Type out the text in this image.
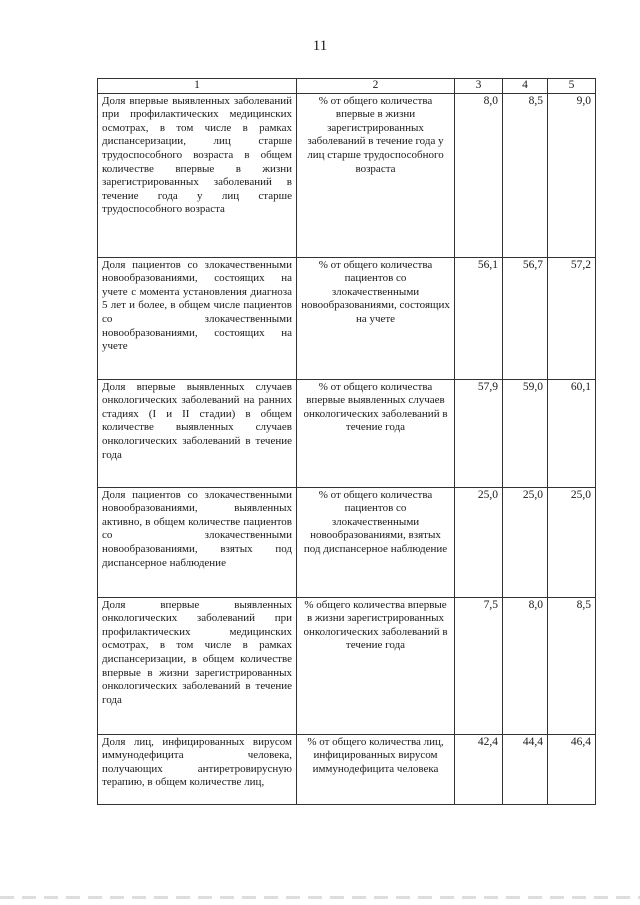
11
1	2	3	4	5
Доля впервые выявленных заболеваний при профилактических медицинских осмотрах, в том числе в рамках диспансеризации, лиц старше трудоспособного возраста в общем количестве впервые в жизни зарегистрированных заболеваний в течение года у лиц старше трудоспособного возраста	% от общего количества впервые в жизни зарегистрированных заболеваний в течение года у лиц старше трудоспособного возраста	8,0	8,5	9,0
Доля пациентов со злокачественными новообразованиями, состоящих на учете с момента установления диагноза 5 лет и более, в общем числе пациентов со злокачественными новообразованиями, состоящих на учете	% от общего количества пациентов со злокачественными новообразованиями, состоящих на учете	56,1	56,7	57,2
Доля впервые выявленных случаев онкологических заболеваний на ранних стадиях (I и II стадии) в общем количестве выявленных случаев онкологических заболеваний в течение года	% от общего количества впервые выявленных случаев онкологических заболеваний в течение года	57,9	59,0	60,1
Доля пациентов со злокачественными новообразованиями, выявленных активно, в общем количестве пациентов со злокачественными новообразованиями, взятых под диспансерное наблюдение	% от общего количества пациентов со злокачественными новообразованиями, взятых под диспансерное наблюдение	25,0	25,0	25,0
Доля впервые выявленных онкологических заболеваний при профилактических медицинских осмотрах, в том числе в рамках диспансеризации, в общем количестве впервые в жизни зарегистрированных онкологических заболеваний в течение года	% общего количества впервые в жизни зарегистрированных онкологических заболеваний в течение года	7,5	8,0	8,5
Доля лиц, инфицированных вирусом иммунодефицита человека, получающих антиретровирусную терапию, в общем количестве лиц,	% от общего количества лиц, инфицированных вирусом иммунодефицита человека	42,4	44,4	46,4
